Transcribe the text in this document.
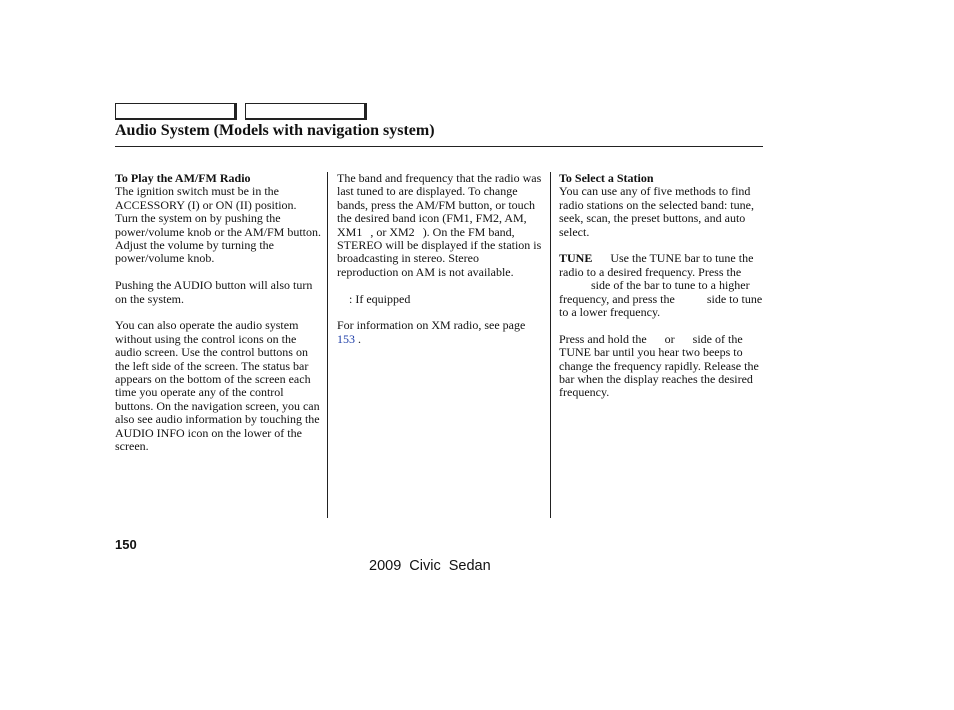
Audio System (Models with navigation system)

To Play the AM/FM Radio

The ignition switch must be in the ACCESSORY (I) or ON (II) position. Turn the system on by pushing the power/volume knob or the AM/FM button. Adjust the volume by turning the power/volume knob.

Pushing the AUDIO button will also turn on the system.

You can also operate the audio system without using the control icons on the audio screen. Use the control buttons on the left side of the screen. The status bar appears on the bottom of the screen each time you operate any of the control buttons. On the navigation screen, you can also see audio information by touching the AUDIO INFO icon on the lower of the screen.

The band and frequency that the radio was last tuned to are displayed. To change bands, press the AM/FM button, or touch the desired band icon (FM1, FM2, AM, XM1 , or XM2 ). On the FM band, STEREO will be displayed if the station is broadcasting in stereo. Stereo reproduction on AM is not available.

: If equipped

For information on XM radio, see page 153 .

To Select a Station

You can use any of five methods to find radio stations on the selected band: tune, seek, scan, the preset buttons, and auto select.

TUNE Use the TUNE bar to tune the radio to a desired frequency. Press theside of the bar to tune to a higher frequency, and press the	side to tune to a lower frequency.

Press and hold the or side of the TUNE bar until you hear two beeps to change the frequency rapidly. Release the bar when the display reaches the desired frequency.

150
2009 Civic Sedan
